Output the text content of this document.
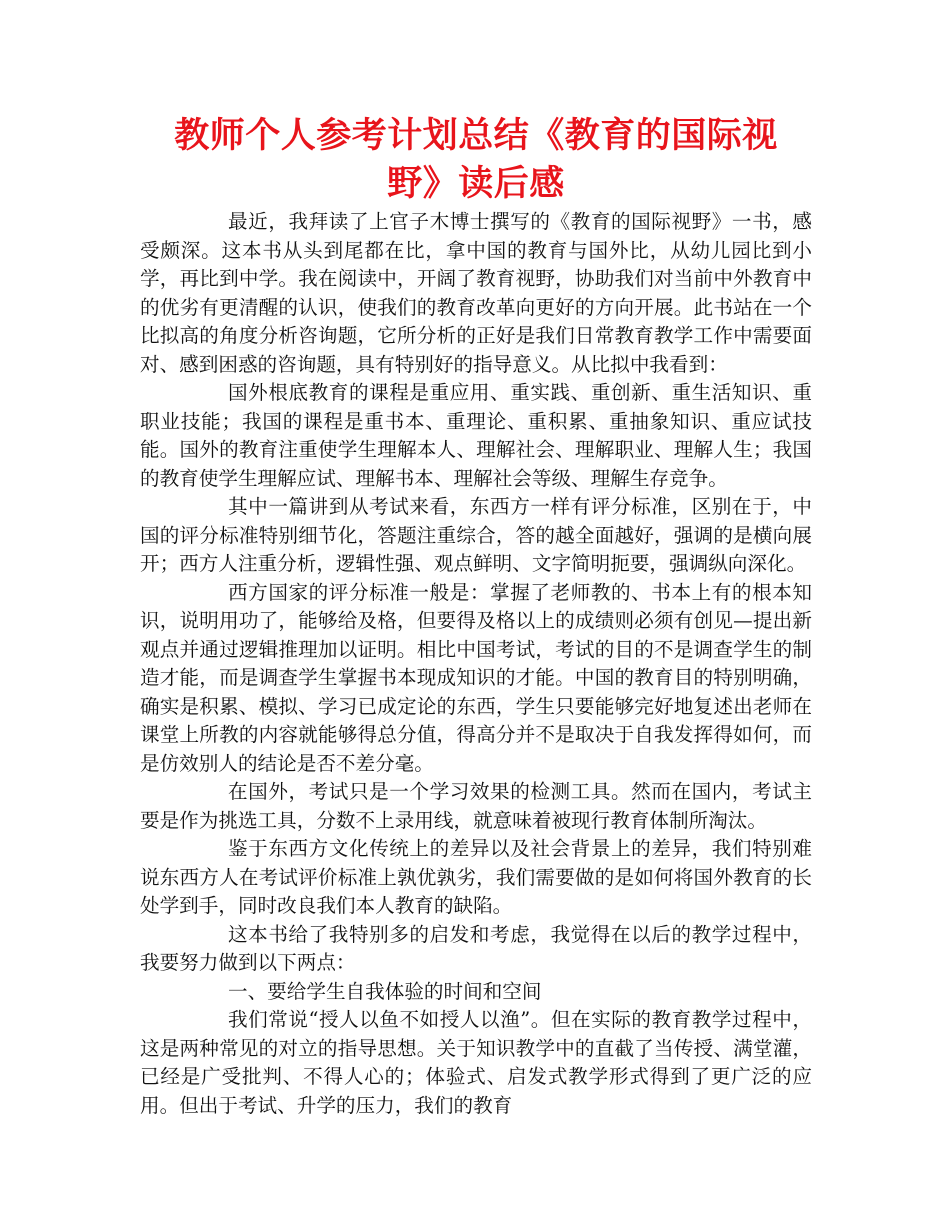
教师个人参考计划总结《教育的国际视
野》读后感

最近，我拜读了上官子木博士撰写的《教育的国际视野》一书，感受颇深。这本书从头到尾都在比，拿中国的教育与国外比，从幼儿园比到小学，再比到中学。我在阅读中，开阔了教育视野，协助我们对当前中外教育中的优劣有更清醒的认识，使我们的教育改革向更好的方向开展。此书站在一个比拟高的角度分析咨询题，它所分析的正好是我们日常教育教学工作中需要面对、感到困惑的咨询题，具有特别好的指导意义。从比拟中我看到：

国外根底教育的课程是重应用、重实践、重创新、重生活知识、重职业技能；我国的课程是重书本、重理论、重积累、重抽象知识、重应试技能。国外的教育注重使学生理解本人、理解社会、理解职业、理解人生；我国的教育使学生理解应试、理解书本、理解社会等级、理解生存竞争。

其中一篇讲到从考试来看，东西方一样有评分标准，区别在于，中国的评分标准特别细节化，答题注重综合，答的越全面越好，强调的是横向展开；西方人注重分析，逻辑性强、观点鲜明、文字简明扼要，强调纵向深化。

西方国家的评分标准一般是：掌握了老师教的、书本上有的根本知识，说明用功了，能够给及格，但要得及格以上的成绩则必须有创见—提出新观点并通过逻辑推理加以证明。相比中国考试，考试的目的不是调查学生的制造才能，而是调查学生掌握书本现成知识的才能。中国的教育目的特别明确，确实是积累、模拟、学习已成定论的东西，学生只要能够完好地复述出老师在课堂上所教的内容就能够得总分值，得高分并不是取决于自我发挥得如何，而是仿效别人的结论是否不差分毫。

在国外，考试只是一个学习效果的检测工具。然而在国内，考试主要是作为挑选工具，分数不上录用线，就意味着被现行教育体制所淘汰。

鉴于东西方文化传统上的差异以及社会背景上的差异，我们特别难说东西方人在考试评价标准上孰优孰劣，我们需要做的是如何将国外教育的长处学到手，同时改良我们本人教育的缺陷。

这本书给了我特别多的启发和考虑，我觉得在以后的教学过程中，我要努力做到以下两点：

一、要给学生自我体验的时间和空间

我们常说“授人以鱼不如授人以渔”。但在实际的教育教学过程中，这是两种常见的对立的指导思想。关于知识教学中的直截了当传授、满堂灌，已经是广受批判、不得人心的；体验式、启发式教学形式得到了更广泛的应用。但出于考试、升学的压力，我们的教育
